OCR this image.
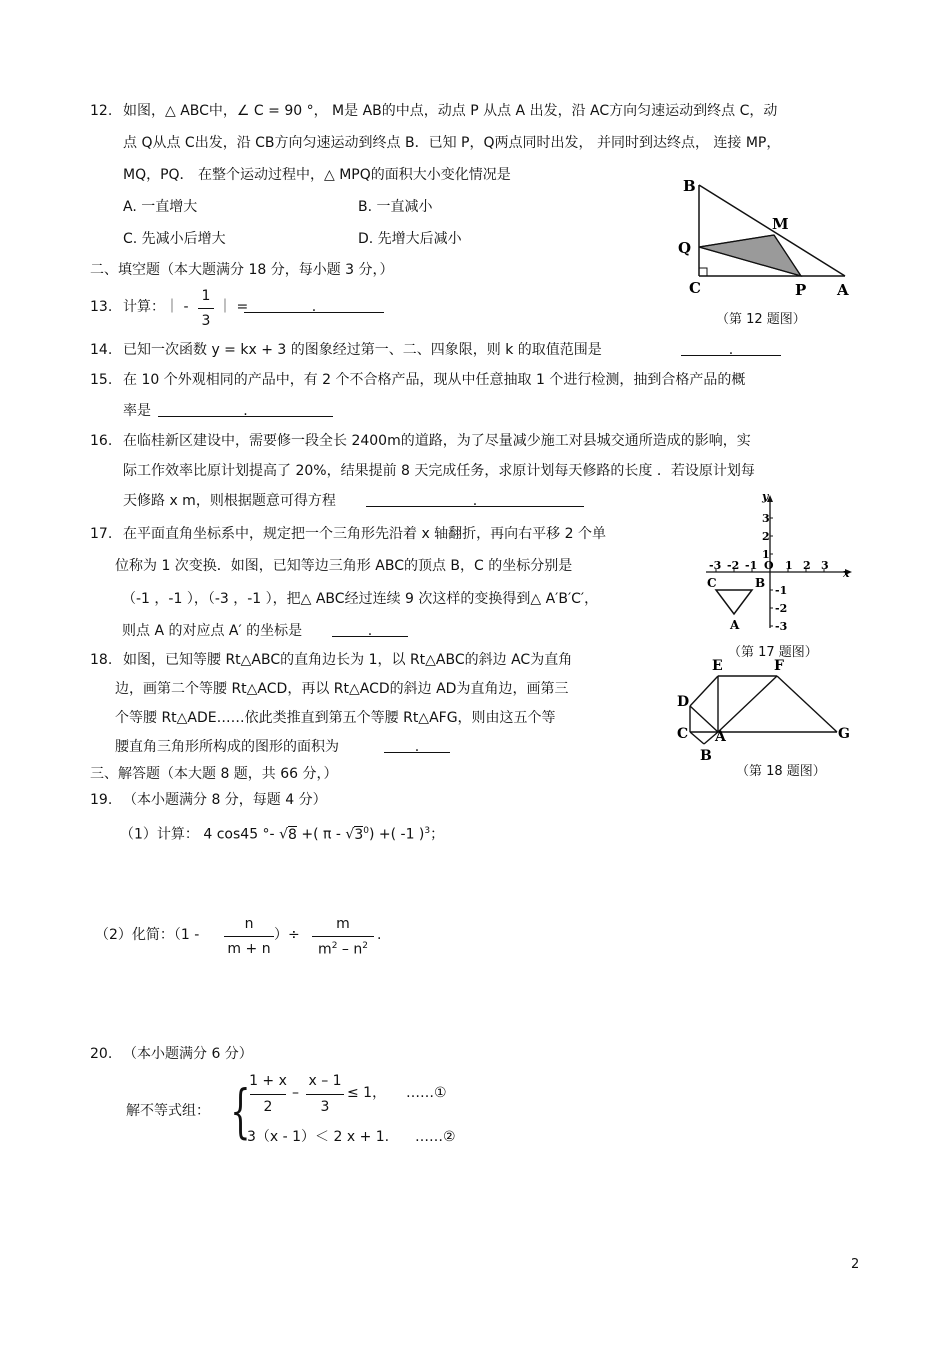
12. 如图，△ ABC中，∠ C = 90 °， M是 AB的中点，动点 P 从点 A 出发，沿 AC方向匀速运动到终点 C，动
点 Q从点 C出发，沿 CB方向匀速运动到终点 B．已知 P，Q两点同时出发， 并同时到达终点， 连接 MP，
MQ，PQ． 在整个运动过程中，△ MPQ的面积大小变化情况是
A. 一直增大	B. 一直减小
C. 先减小后增大	D. 先增大后减小
B
M
Q
C	P A
（第 12 题图）
二、填空题（本大题满分 18 分，每小题 3 分，）
13. 计算：｜ -
1
3
｜ =	.
14. 已知一次函数 y = kx + 3 的图象经过第一、二、四象限，则 k 的取值范围是	.
15. 在 10 个外观相同的产品中，有 2 个不合格产品，现从中任意抽取 1 个进行检测，抽到合格产品的概
率是	.
16. 在临桂新区建设中，需要修一段全长 2400m的道路，为了尽量减少施工对县城交通所造成的影响，实
际工作效率比原计划提高了 20%，结果提前 8 天完成任务，求原计划每天修路的长度 ．若设原计划每
天修路 x m，则根据题意可得方程	.
17. 在平面直角坐标系中，规定把一个三角形先沿着 x 轴翻折，再向右平移 2 个单
位称为 1 次变换．如图，已知等边三角形 ABC的顶点 B，C 的坐标分别是
（-1 ，-1 ），（-3 ，-1 ），把△ ABC经过连续 9 次这样的变换得到△ A′B′C′，
则点 A 的对应点 A′ 的坐标是	.
y
x
O
-3 -2 -1	1 2 3
3
2
1
-1
-2
-3
C	B
A
（第 17 题图）
18. 如图，已知等腰 Rt△ABC的直角边长为 1，以 Rt△ABC的斜边 AC为直角
边，画第二个等腰 Rt△ACD，再以 Rt△ACD的斜边 AD为直角边，画第三
个等腰 Rt△ADE……依此类推直到第五个等腰 Rt△AFG，则由这五个等
腰直角三角形所构成的图形的面积为	.
E	F
D
C A	G
B
（第 18 题图）
三、解答题（本大题 8 题，共 66 分，）
19. （本小题满分 8 分，每题 4 分）
（1）计算： 4 cos45 °- √8 +( π - $√3^0$) +( -1 )$^3$；
（2）化简：（1 -
n
m + n
）÷
m
$m^2 - n^2$
.
20. （本小题满分 6 分）
解不等式组： {
1 + x
2
–
x – 1
3
≤ 1， ……①
3（x - 1）＜ 2 x + 1. ……②
2
